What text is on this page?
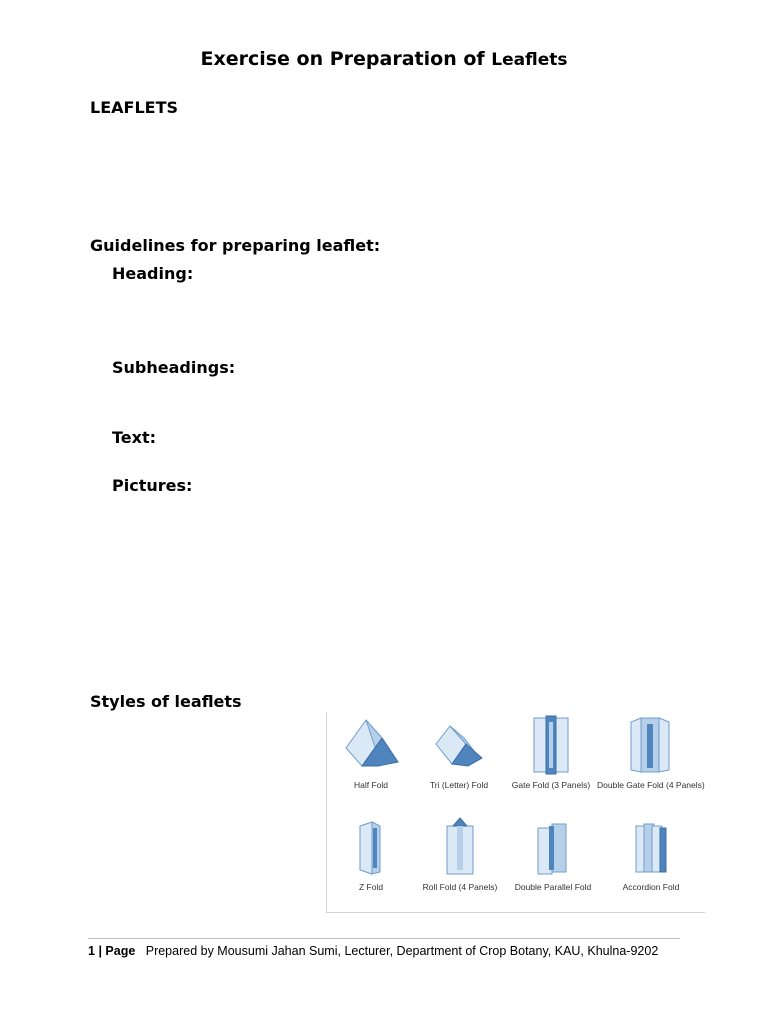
Exercise on Preparation of Leaflets
LEAFLETS
Guidelines for preparing leaflet:
Heading:
Subheadings:
Text:
Pictures:
Styles of leaflets
Half Fold	Tri (Letter) Fold	Gate Fold (3 Panels) Double Gate Fold (4 Panels)
Z Fold	Roll Fold (4 Panels)	Double Parallel Fold	Accordion Fold
1 | Page Prepared by Mousumi Jahan Sumi, Lecturer, Department of Crop Botany, KAU, Khulna-9202
